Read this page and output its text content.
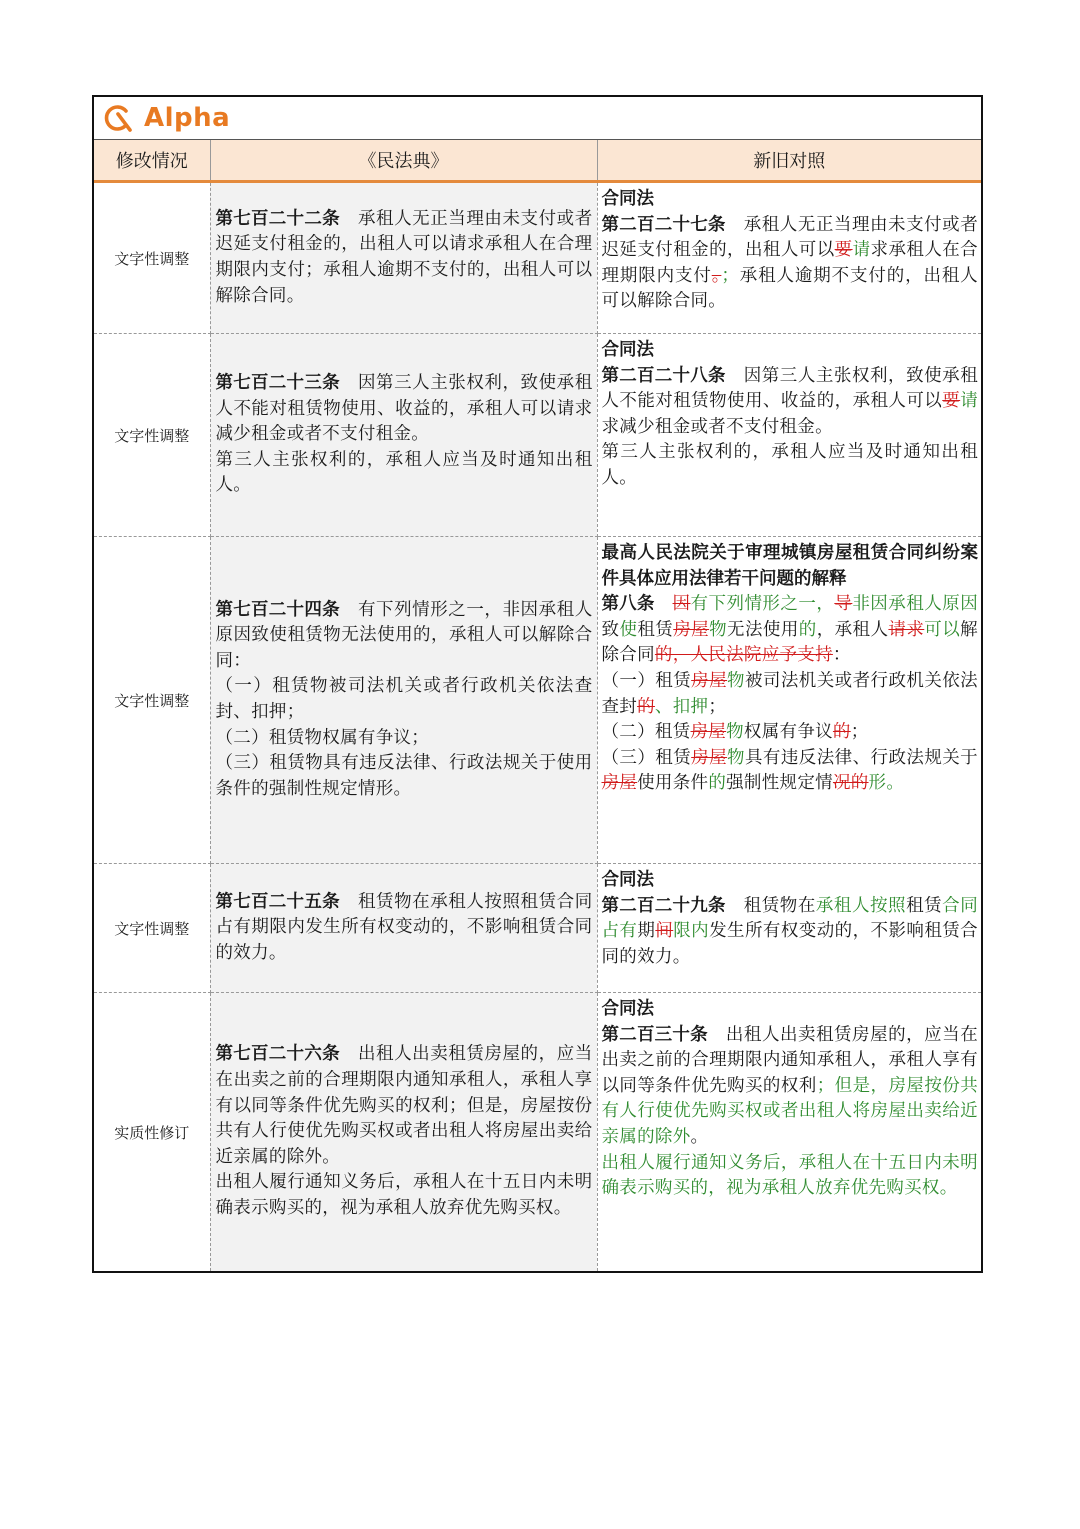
Alpha
修改情况	《民法典》	新旧对照
文字性调整	第七百二十二条　 承租人无正当理由未支付或者迟延支付租金的，出租人可以请求承租人在合理期限内支付；承租人逾期不支付的，出租人可以解除合同。	合同法
第二百二十七条　 承租人无正当理由未支付或者迟延支付租金的，出租人可以要请求承租人在合理期限内支付。；承租人逾期不支付的，出租人可以解除合同。

文字性调整	第七百二十三条　 因第三人主张权利，致使承租人不能对租赁物使用、收益的，承租人可以请求减少租金或者不支付租金。
第三人主张权利的，承租人应当及时通知出租人。	合同法
第二百二十八条　 因第三人主张权利，致使承租人不能对租赁物使用、收益的，承租人可以要请求减少租金或者不支付租金。
第三人主张权利的，承租人应当及时通知出租人。

文字性调整	第七百二十四条　 有下列情形之一，非因承租人原因致使租赁物无法使用的，承租人可以解除合同：
（一）租赁物被司法机关或者行政机关依法查封、扣押；
（二）租赁物权属有争议；
（三）租赁物具有违反法律、行政法规关于使用条件的强制性规定情形。	最高人民法院关于审理城镇房屋租赁合同纠纷案件具体应用法律若干问题的解释
第八条　 因有下列情形之一，导非因承租人原因致使租赁房屋物无法使用的，承租人请求可以解除合同的，人民法院应予支持：
（一）租赁房屋物被司法机关或者行政机关依法查封的、扣押；
（二）租赁房屋物权属有争议的；
（三）租赁房屋物具有违反法律、行政法规关于房屋使用条件的强制性规定情况的形。

文字性调整	第七百二十五条　 租赁物在承租人按照租赁合同占有期限内发生所有权变动的，不影响租赁合同的效力。	合同法
第二百二十九条　 租赁物在承租人按照租赁合同占有期间限内发生所有权变动的，不影响租赁合同的效力。

实质性修订	第七百二十六条　 出租人出卖租赁房屋的，应当在出卖之前的合理期限内通知承租人，承租人享有以同等条件优先购买的权利；但是，房屋按份共有人行使优先购买权或者出租人将房屋出卖给近亲属的除外。
出租人履行通知义务后，承租人在十五日内未明确表示购买的，视为承租人放弃优先购买权。	合同法
第二百三十条　 出租人出卖租赁房屋的，应当在出卖之前的合理期限内通知承租人，承租人享有以同等条件优先购买的权利；但是，房屋按份共有人行使优先购买权或者出租人将房屋出卖给近亲属的除外。
出租人履行通知义务后，承租人在十五日内未明确表示购买的，视为承租人放弃优先购买权。
